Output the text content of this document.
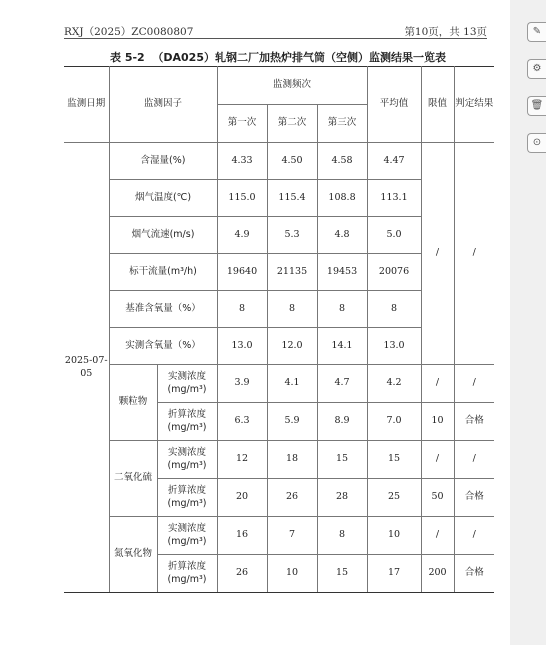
RXJ（2025）ZC0080807	第10页，共 13页
表 5-2 （DA025）轧钢二厂加热炉排气筒（空侧）监测结果一览表
监测日期	监测因子		监测频次			平均值	限值	判定结果
			第一次	第二次	第三次			
2025-07-05	含湿量(%)		4.33	4.50	4.58	4.47	/	/
	烟气温度(℃)		115.0	115.4	108.8	113.1		
	烟气流速(m/s)		4.9	5.3	4.8	5.0		
	标干流量(m³/h)		19640	21135	19453	20076		
	基准含氧量（%）		8	8	8	8		
	实测含氧量（%）		13.0	12.0	14.1	13.0		
	颗粒物	实测浓度(mg/m³)	3.9	4.1	4.7	4.2	/	/
		折算浓度(mg/m³)	6.3	5.9	8.9	7.0	10	合格
	二氧化硫	实测浓度(mg/m³)	12	18	15	15	/	/
		折算浓度(mg/m³)	20	26	28	25	50	合格
	氮氧化物	实测浓度(mg/m³)	16	7	8	10	/	/
		折算浓度(mg/m³)	26	10	15	17	200	合格
✎
⚙
🗑
⊙
